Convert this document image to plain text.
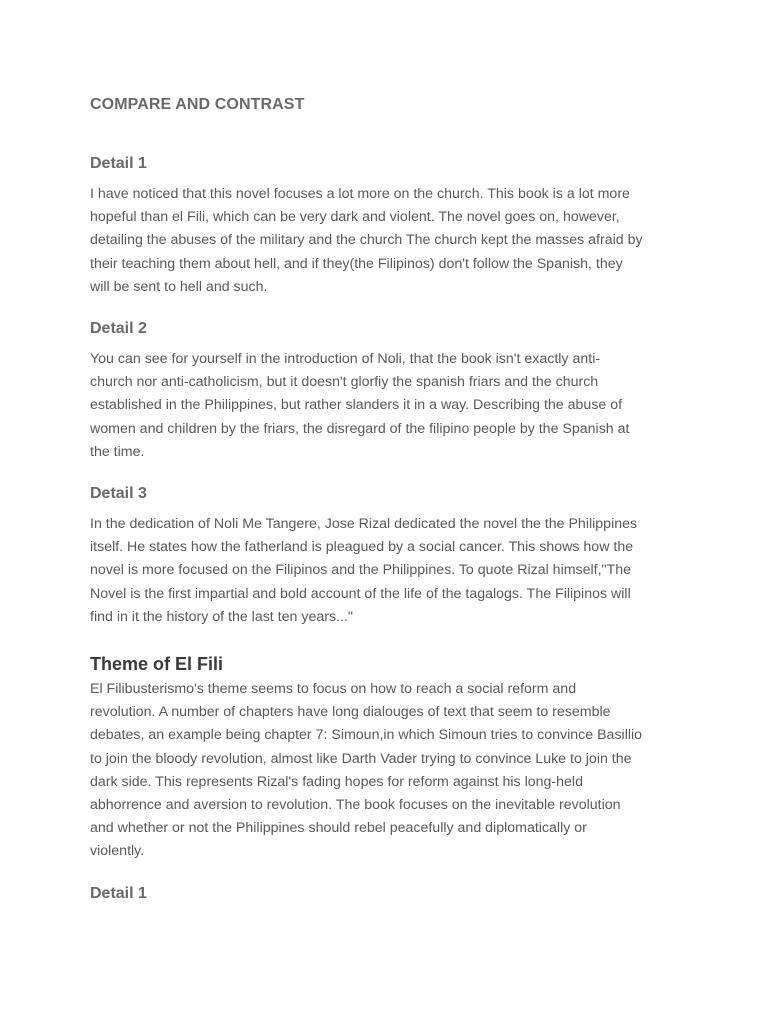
COMPARE AND CONTRAST
Detail 1

I have noticed that this novel focuses a lot more on the church. This book is a lot more
hopeful than el Fili, which can be very dark and violent. The novel goes on, however,
detailing the abuses of the military and the church The church kept the masses afraid by
their teaching them about hell, and if they(the Filipinos) don't follow the Spanish, they
will be sent to hell and such.

Detail 2

You can see for yourself in the introduction of Noli, that the book isn't exactly anti-
church nor anti-catholicism, but it doesn't glorfiy the spanish friars and the church
established in the Philippines, but rather slanders it in a way. Describing the abuse of
women and children by the friars, the disregard of the filipino people by the Spanish at
the time.

Detail 3

In the dedication of Noli Me Tangere, Jose Rizal dedicated the novel the the Philippines
itself. He states how the fatherland is pleagued by a social cancer. This shows how the
novel is more focused on the Filipinos and the Philippines. To quote Rizal himself,"The
Novel is the first impartial and bold account of the life of the tagalogs. The Filipinos will
find in it the history of the last ten years..."

Theme of El Fili

El Filibusterismo's theme seems to focus on how to reach a social reform and
revolution. A number of chapters have long dialouges of text that seem to resemble
debates, an example being chapter 7: Simoun,in which Simoun tries to convince Basillio
to join the bloody revolution, almost like Darth Vader trying to convince Luke to join the
dark side. This represents Rizal's fading hopes for reform against his long-held
abhorrence and aversion to revolution. The book focuses on the inevitable revolution
and whether or not the Philippines should rebel peacefully and diplomatically or
violently.

Detail 1
